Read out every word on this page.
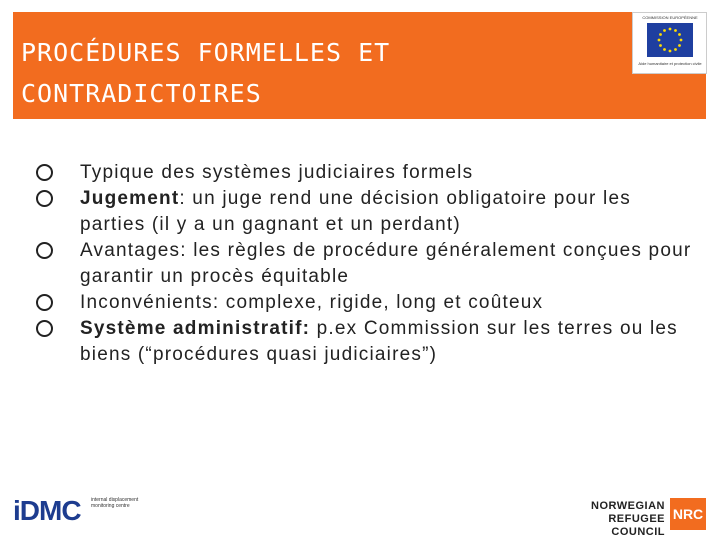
PROCÉDURES FORMELLES ET
CONTRADICTOIRES
COMMISSION EUROPÉENNE
Aide humanitaire et protection civile
Typique des systèmes judiciaires formels
Jugement: un juge rend une décision obligatoire pour les parties (il y a un gagnant et un perdant)
Avantages: les règles de procédure généralement conçues pour garantir un procès équitable
Inconvénients: complexe, rigide, long et coûteux
Système administratif: p.ex Commission sur les terres ou les biens (“procédures quasi judiciaires”)
iDMC internal displacement monitoring centre	NORWEGIAN
REFUGEE COUNCIL
NRC
